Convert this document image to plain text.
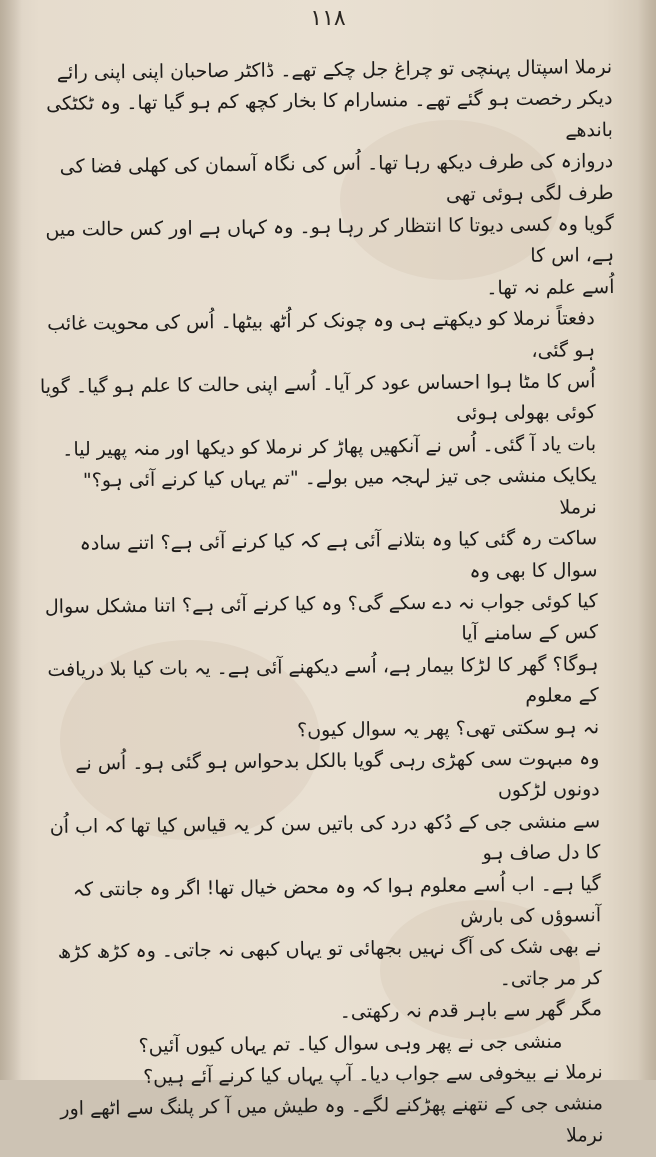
۱۱۸

نرملا اسپتال پہنچی تو چراغ جل چکے تھے۔ ڈاکٹر صاحبان اپنی اپنی رائے
دیکر رخصت ہو گئے تھے۔ منسارام کا بخار کچھ کم ہو گیا تھا۔ وہ ٹکٹکی باندھے
دروازہ کی طرف دیکھ رہا تھا۔ اُس کی نگاہ آسمان کی کھلی فضا کی طرف لگی ہوئی تھی
گویا وہ کسی دیوتا کا انتظار کر رہا ہو۔ وہ کہاں ہے اور کس حالت میں ہے، اس کا
اُسے علم نہ تھا۔

دفعتاً نرملا کو دیکھتے ہی وہ چونک کر اُٹھ بیٹھا۔ اُس کی محویت غائب ہو گئی،
اُس کا مٹا ہوا احساس عود کر آیا۔ اُسے اپنی حالت کا علم ہو گیا۔ گویا کوئی بھولی ہوئی
بات یاد آ گئی۔ اُس نے آنکھیں پھاڑ کر نرملا کو دیکھا اور منہ پھیر لیا۔

یکایک منشی جی تیز لہجہ میں بولے۔ "تم یہاں کیا کرنے آئی ہو؟" نرملا
ساکت رہ گئی کیا وہ بتلانے آئی ہے کہ کیا کرنے آئی ہے؟ اتنے سادہ سوال کا بھی وہ
کیا کوئی جواب نہ دے سکے گی؟ وہ کیا کرنے آئی ہے؟ اتنا مشکل سوال کس کے سامنے آیا
ہوگا؟ گھر کا لڑکا بیمار ہے، اُسے دیکھنے آئی ہے۔ یہ بات کیا بلا دریافت کے معلوم
نہ ہو سکتی تھی؟ پھر یہ سوال کیوں؟

وہ مبہوت سی کھڑی رہی گویا بالکل بدحواس ہو گئی ہو۔ اُس نے دونوں لڑکوں
سے منشی جی کے دُکھ درد کی باتیں سن کر یہ قیاس کیا تھا کہ اب اُن کا دل صاف ہو
گیا ہے۔ اب اُسے معلوم ہوا کہ وہ محض خیال تھا! اگر وہ جانتی کہ آنسوؤں کی بارش
نے بھی شک کی آگ نہیں بجھائی تو یہاں کبھی نہ جاتی۔ وہ کڑھ کڑھ کر مر جاتی۔
مگر گھر سے باہر قدم نہ رکھتی۔

منشی جی نے پھر وہی سوال کیا۔ تم یہاں کیوں آئیں؟

نرملا نے بیخوفی سے جواب دیا۔ آپ یہاں کیا کرنے آئے ہیں؟

منشی جی کے نتھنے پھڑکنے لگے۔ وہ طیش میں آ کر پلنگ سے اٹھے اور نرملا
